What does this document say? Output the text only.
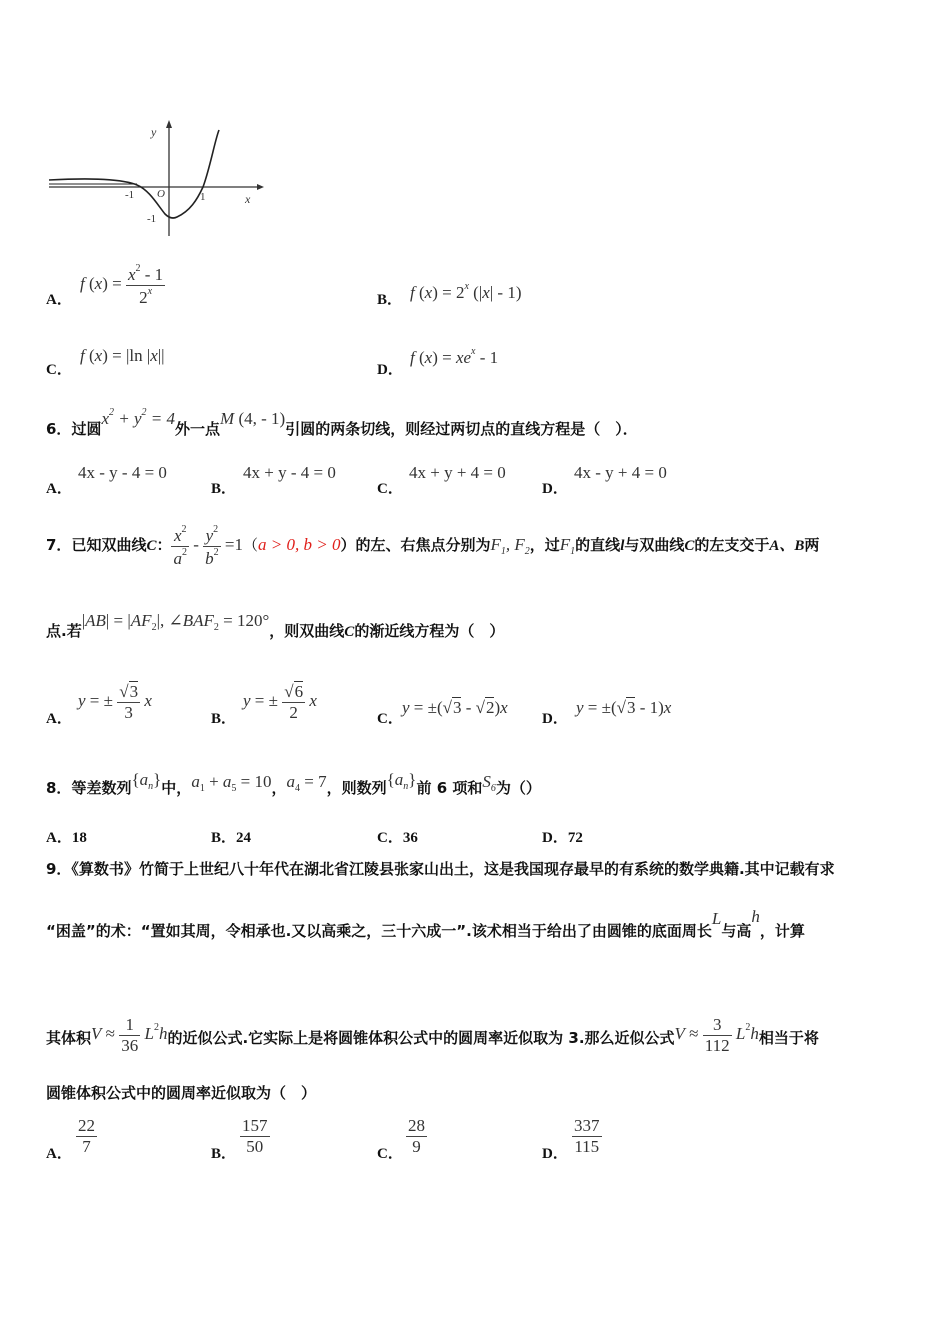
y
x
O
-1	1
-1
A．
f $(x) = \frac{x^2 - 1}{2^x}$	B． f $(x) = 2^x$ (|x| - 1)
C．
f (x) = |ln |x||
D．
f $(x) = xe^x - 1$
6．过圆$x^2 + y^2 = 4$外一点M (4, - 1)引圆的两条切线，则经过两切点的直线方程是（　）．
A．
4x - y - 4 = 0
B．
4x + y - 4 = 0
C．
4x + y + 4 = 0
D．
4x - y + 4 = 0
7．已知双曲线C： $\frac{x^2}{a^2} - \frac{y^2}{b^2} =1(a > 0$, b > 0）的左、右焦点分别为$F_1$, $F_2$，过$F_1$的直线l与双曲线C的左支交于A、B两
点.若$|AB| = |AF_2|$, $\angle BAF_2 = 120^\circ$，则双曲线C的渐近线方程为（　）
A．
y = ± $\frac{√3}{3}$ x
B．
y = ± $\frac{√6}{2}$ x
C．
y = ±(√3 - √2)x
D．
y = ±(√3 - 1)x
8．等差数列$\{a_n\}$中，$a_1 + a_5 = 10$，$a_4 = 7$，则数列$\{a_n\}$前 6 项和$S_6$为（）
A．18	B．24	C．36	D．72
9．《算数书》竹简于上世纪八十年代在湖北省江陵县张家山出土，这是我国现存最早的有系统的数学典籍.其中记载有求
“困盖”的术：“置如其周，令相承也.又以高乘之，三十六成一”.该术相当于给出了由圆锥的底面周长L与高h，计算
其体积$V \approx \frac{1}{36} L^2h$的近似公式.它实际上是将圆锥体积公式中的圆周率近似取为 3.那么近似公式$V \approx \frac{3}{112} L^2h$相当于将
圆锥体积公式中的圆周率近似取为（　）
A． $\frac{22}{7}$	B． $\frac{157}{50}$	C． $\frac{28}{9}$	D． $\frac{337}{115}$
